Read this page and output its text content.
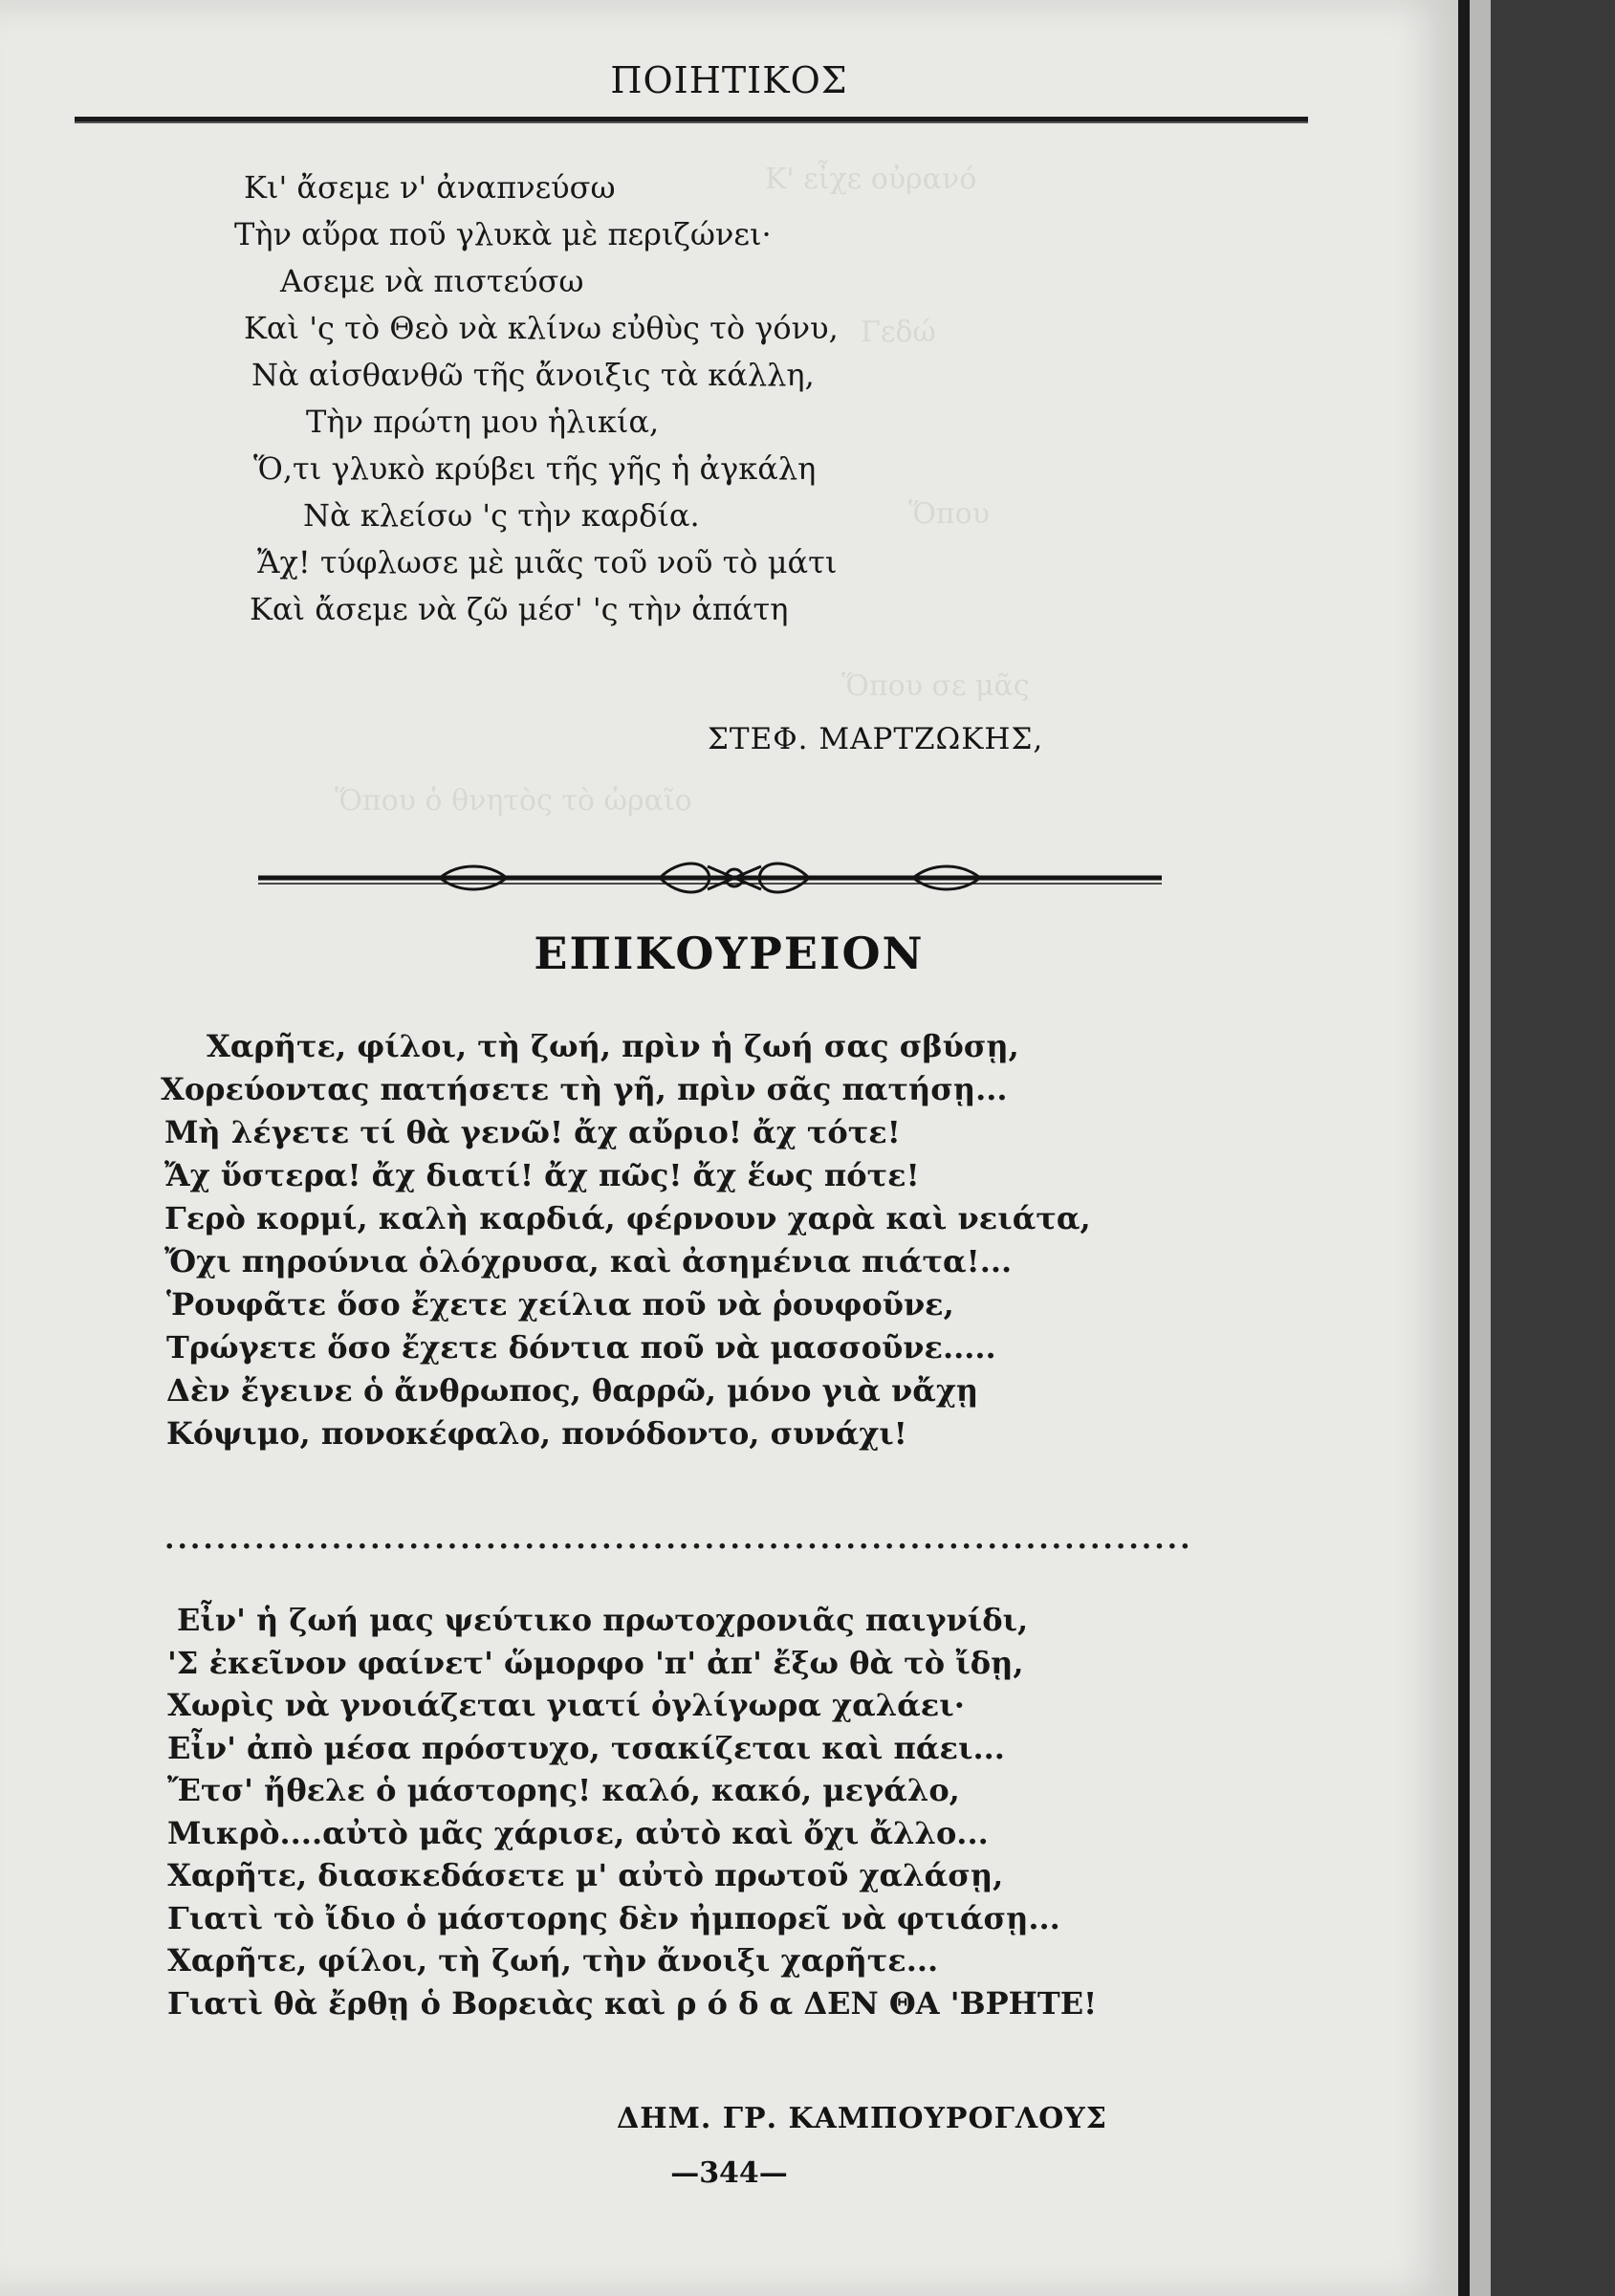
Κ' εἶχε οὐρανό
Γεδώ
Ὅπου
Ὅπου σε μᾶς
Ὅπου ὁ θνητὸς τὸ ὡραῖο
ΠΟΙΗΤΙΚΟΣ
Κι' ἄσεμε ν' ἀναπνεύσω
Τὴν αὔρα ποῦ γλυκὰ μὲ περιζώνει·
Ασεμε νὰ πιστεύσω
Καὶ 'ς τὸ Θεὸ νὰ κλίνω εὐθὺς τὸ γόνυ,
Νὰ αἰσθανθῶ τῆς ἄνοιξις τὰ κάλλη,
Τὴν πρώτη μου ἡλικία,
Ὅ,τι γλυκὸ κρύβει τῆς γῆς ἡ ἀγκάλη
Νὰ κλείσω 'ς τὴν καρδία.
Ἄχ! τύφλωσε μὲ μιᾶς τοῦ νοῦ τὸ μάτι
Καὶ ἄσεμε νὰ ζῶ μέσ' 'ς τὴν ἀπάτη
ΣΤΕΦ. ΜΑΡΤΖΩΚΗΣ,
ΕΠΙΚΟΥΡΕΙΟΝ
Χαρῆτε, φίλοι, τὴ ζωή, πρὶν ἡ ζωή σας σβύσῃ,
Χορεύοντας πατήσετε τὴ γῆ, πρὶν σᾶς πατήσῃ...
Μὴ λέγετε τί θὰ γενῶ! ἄχ αὔριο! ἄχ τότε!
Ἄχ ὕστερα! ἄχ διατί! ἄχ πῶς! ἄχ ἕως πότε!
Γερὸ κορμί, καλὴ καρδιά, φέρνουν χαρὰ καὶ νειάτα,
Ὄχι πηρούνια ὁλόχρυσα, καὶ ἀσημένια πιάτα!...
Ῥουφᾶτε ὅσο ἔχετε χείλια ποῦ νὰ ῥουφοῦνε,
Τρώγετε ὅσο ἔχετε δόντια ποῦ νὰ μασσοῦνε.....
Δὲν ἔγεινε ὁ ἄνθρωπος, θαρρῶ, μόνο γιὰ νἄχῃ
Κόψιμο, πονοκέφαλο, πονόδοντο, συνάχι!
................................................................................
Εἶν' ἡ ζωή μας ψεύτικο πρωτοχρονιᾶς παιγνίδι,
'Σ ἐκεῖνον φαίνετ' ὥμορφο 'π' ἀπ' ἔξω θὰ τὸ ἴδῃ,
Χωρὶς νὰ γνοιάζεται γιατί ὀγλίγωρα χαλάει·
Εἶν' ἀπὸ μέσα πρόστυχο, τσακίζεται καὶ πάει...
Ἔτσ' ἤθελε ὁ μάστορης! καλό, κακό, μεγάλο,
Μικρὸ....αὐτὸ μᾶς χάρισε, αὐτὸ καὶ ὄχι ἄλλο...
Χαρῆτε, διασκεδάσετε μ' αὐτὸ πρωτοῦ χαλάσῃ,
Γιατὶ τὸ ἴδιο ὁ μάστορης δὲν ἠμπορεῖ νὰ φτιάσῃ...
Χαρῆτε, φίλοι, τὴ ζωή, τὴν ἄνοιξι χαρῆτε...
Γιατὶ θὰ ἔρθῃ ὁ Βορειὰς καὶ ρ ό δ α ΔΕΝ ΘΑ 'ΒΡΗΤΕ!
ΔΗΜ. ΓΡ. ΚΑΜΠΟΥΡΟΓΛΟΥΣ
—344—
